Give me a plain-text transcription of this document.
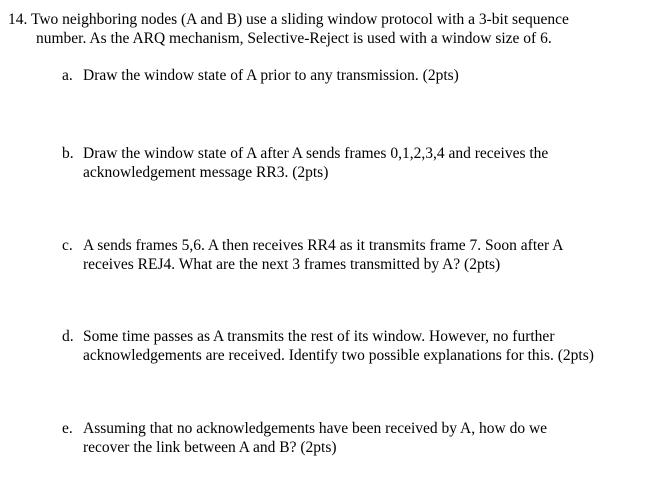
14. Two neighboring nodes (A and B) use a sliding window protocol with a 3-bit sequence
number. As the ARQ mechanism, Selective-Reject is used with a window size of 6.
a. Draw the window state of A prior to any transmission. (2pts)
b. Draw the window state of A after A sends frames 0,1,2,3,4 and receives the
acknowledgement message RR3. (2pts)
c. A sends frames 5,6. A then receives RR4 as it transmits frame 7. Soon after A
receives REJ4. What are the next 3 frames transmitted by A? (2pts)
d. Some time passes as A transmits the rest of its window. However, no further
acknowledgements are received. Identify two possible explanations for this. (2pts)
e. Assuming that no acknowledgements have been received by A, how do we
recover the link between A and B? (2pts)
